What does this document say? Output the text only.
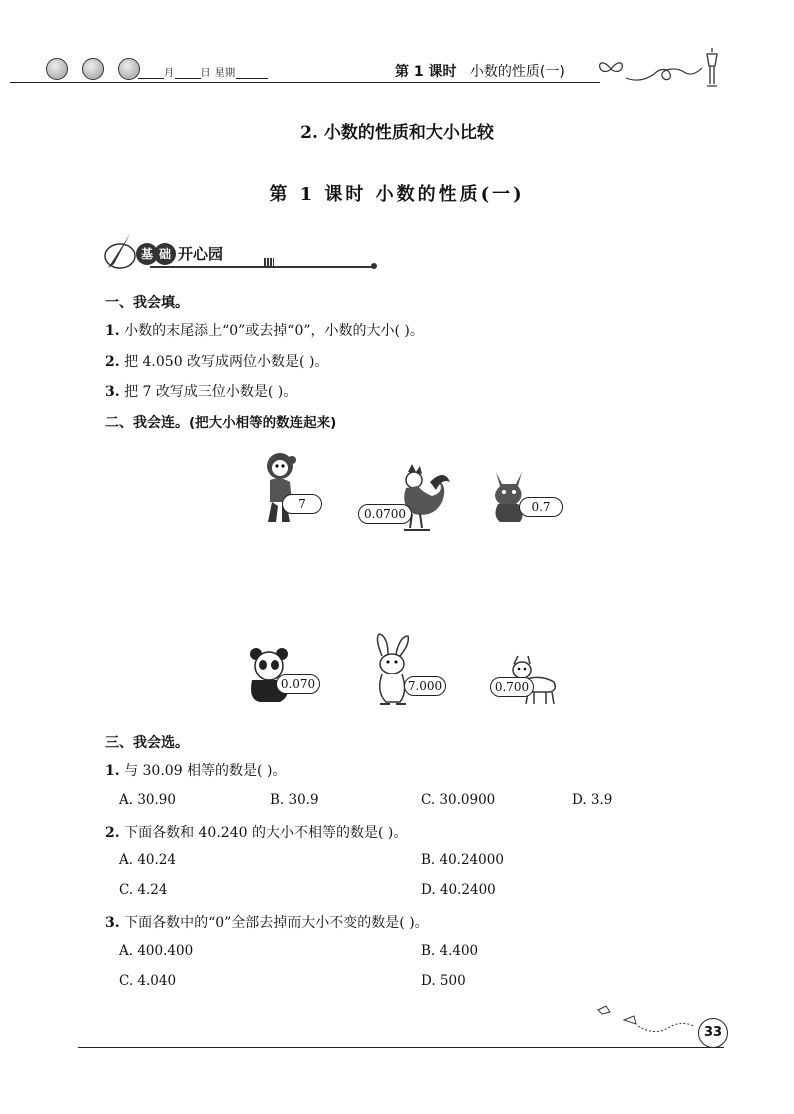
月	日 星期	第 1 课时 小数的性质(一)
2. 小数的性质和大小比较
第 1 课时 小数的性质(一)
基 础 开心园
一、我会填。
1. 小数的末尾添上“0”或去掉“0”，小数的大小( )。
2. 把 4.050 改写成两位小数是( )。
3. 把 7 改写成三位小数是( )。
二、我会连。(把大小相等的数连起来)
7
0.0700	0.7
0.070	7.000	0.700
三、我会选。
1. 与 30.09 相等的数是( )。
A. 30.90	B. 30.9	C. 30.0900	D. 3.9
2. 下面各数和 40.240 的大小不相等的数是( )。
A. 40.24	B. 40.24000
C. 4.24	D. 40.2400
3. 下面各数中的“0”全部去掉而大小不变的数是( )。
A. 400.400	B. 4.400
C. 4.040	D. 500
33
